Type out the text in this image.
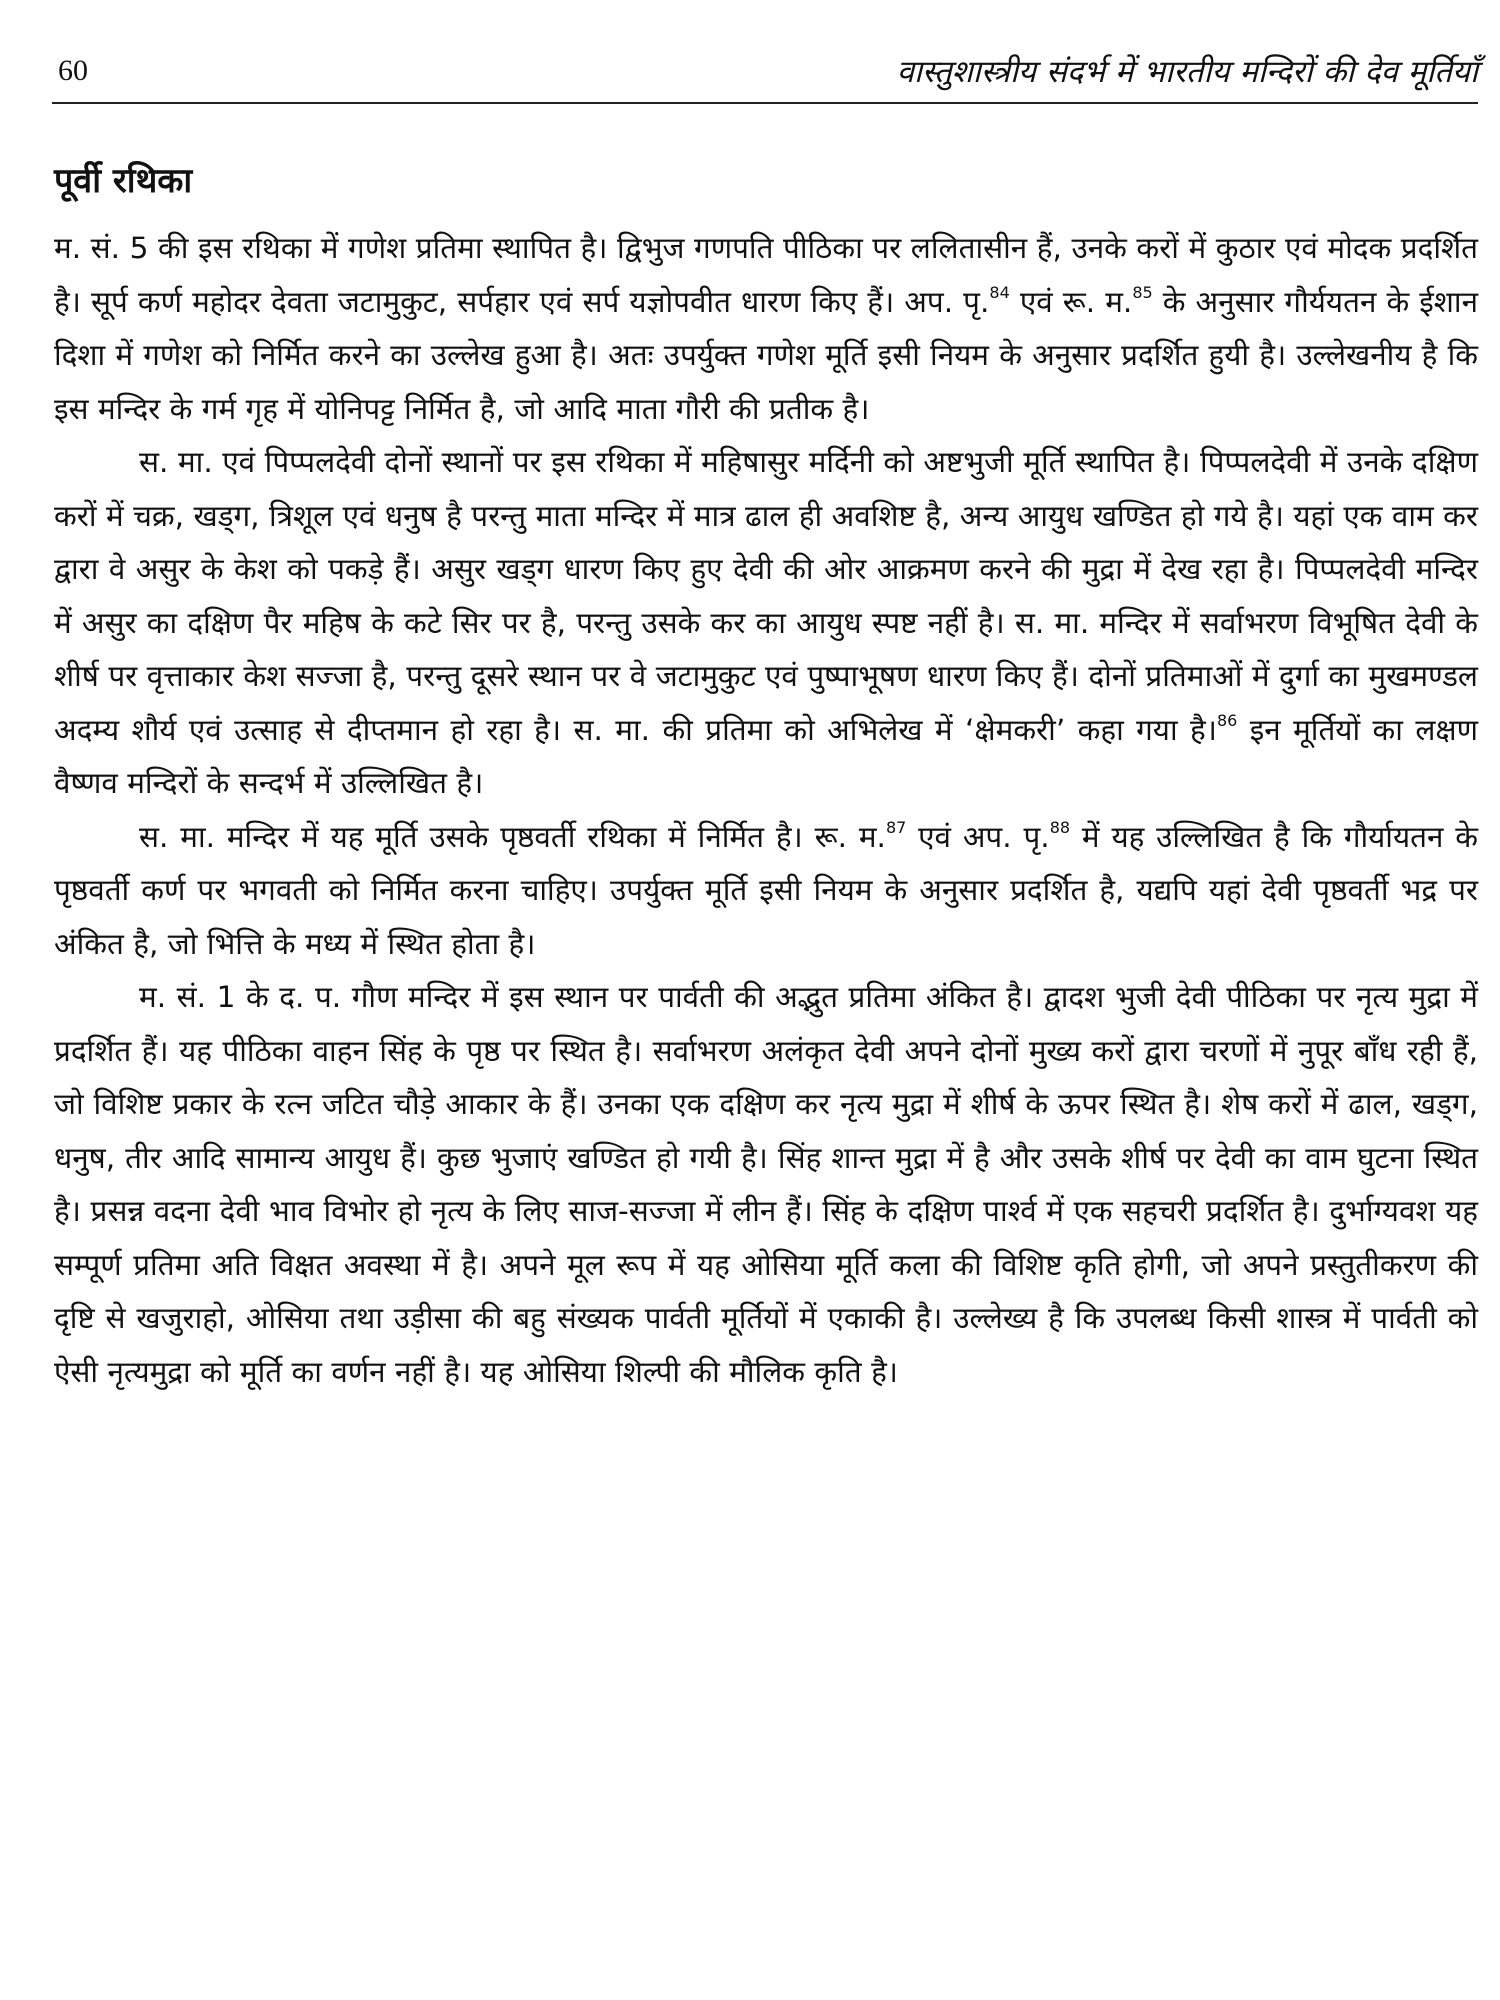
60	वास्तुशास्त्रीय संदर्भ में भारतीय मन्दिरों की देव मूर्तियाँ
पूर्वी रथिका

म. सं. 5 की इस रथिका में गणेश प्रतिमा स्थापित है। द्विभुज गणपति पीठिका पर ललितासीन हैं, उनके करों में कुठार एवं मोदक प्रदर्शित है। सूर्प कर्ण महोदर देवता जटामुकुट, सर्पहार एवं सर्प यज्ञोपवीत धारण किए हैं। अप. पृ.$^{84}$ एवं रू. म.$^{85}$ के अनुसार गौर्ययतन के ईशान दिशा में गणेश को निर्मित करने का उल्लेख हुआ है। अतः उपर्युक्त गणेश मूर्ति इसी नियम के अनुसार प्रदर्शित हुयी है। उल्लेखनीय है कि इस मन्दिर के गर्म गृह में योनिपट्ट निर्मित है, जो आदि माता गौरी की प्रतीक है।

स. मा. एवं पिप्पलदेवी दोनों स्थानों पर इस रथिका में महिषासुर मर्दिनी को अष्टभुजी मूर्ति स्थापित है। पिप्पलदेवी में उनके दक्षिण करों में चक्र, खड्ग, त्रिशूल एवं धनुष है परन्तु माता मन्दिर में मात्र ढाल ही अवशिष्ट है, अन्य आयुध खण्डित हो गये है। यहां एक वाम कर द्वारा वे असुर के केश को पकड़े हैं। असुर खड्ग धारण किए हुए देवी की ओर आक्रमण करने की मुद्रा में देख रहा है। पिप्पलदेवी मन्दिर में असुर का दक्षिण पैर महिष के कटे सिर पर है, परन्तु उसके कर का आयुध स्पष्ट नहीं है। स. मा. मन्दिर में सर्वाभरण विभूषित देवी के शीर्ष पर वृत्ताकार केश सज्जा है, परन्तु दूसरे स्थान पर वे जटामुकुट एवं पुष्पाभूषण धारण किए हैं। दोनों प्रतिमाओं में दुर्गा का मुखमण्डल अदम्य शौर्य एवं उत्साह से दीप्तमान हो रहा है। स. मा. की प्रतिमा को अभिलेख में ‘क्षेमकरी’ कहा गया है।$^{86}$ इन मूर्तियों का लक्षण वैष्णव मन्दिरों के सन्दर्भ में उल्लिखित है।

स. मा. मन्दिर में यह मूर्ति उसके पृष्ठवर्ती रथिका में निर्मित है। रू. म.$^{87}$ एवं अप. पृ.$^{88}$ में यह उल्लिखित है कि गौर्यायतन के पृष्ठवर्ती कर्ण पर भगवती को निर्मित करना चाहिए। उपर्युक्त मूर्ति इसी नियम के अनुसार प्रदर्शित है, यद्यपि यहां देवी पृष्ठवर्ती भद्र पर अंकित है, जो भित्ति के मध्य में स्थित होता है।

म. सं. 1 के द. प. गौण मन्दिर में इस स्थान पर पार्वती की अद्भुत प्रतिमा अंकित है। द्वादश भुजी देवी पीठिका पर नृत्य मुद्रा में प्रदर्शित हैं। यह पीठिका वाहन सिंह के पृष्ठ पर स्थित है। सर्वाभरण अलंकृत देवी अपने दोनों मुख्य करों द्वारा चरणों में नुपूर बाँध रही हैं, जो विशिष्ट प्रकार के रत्न जटित चौड़े आकार के हैं। उनका एक दक्षिण कर नृत्य मुद्रा में शीर्ष के ऊपर स्थित है। शेष करों में ढाल, खड्ग, धनुष, तीर आदि सामान्य आयुध हैं। कुछ भुजाएं खण्डित हो गयी है। सिंह शान्त मुद्रा में है और उसके शीर्ष पर देवी का वाम घुटना स्थित है। प्रसन्न वदना देवी भाव विभोर हो नृत्य के लिए साज-सज्जा में लीन हैं। सिंह के दक्षिण पार्श्व में एक सहचरी प्रदर्शित है। दुर्भाग्यवश यह सम्पूर्ण प्रतिमा अति विक्षत अवस्था में है। अपने मूल रूप में यह ओसिया मूर्ति कला की विशिष्ट कृति होगी, जो अपने प्रस्तुतीकरण की दृष्टि से खजुराहो, ओसिया तथा उड़ीसा की बहु संख्यक पार्वती मूर्तियों में एकाकी है। उल्लेख्य है कि उपलब्ध किसी शास्त्र में पार्वती को ऐसी नृत्यमुद्रा को मूर्ति का वर्णन नहीं है। यह ओसिया शिल्पी की मौलिक कृति है।
